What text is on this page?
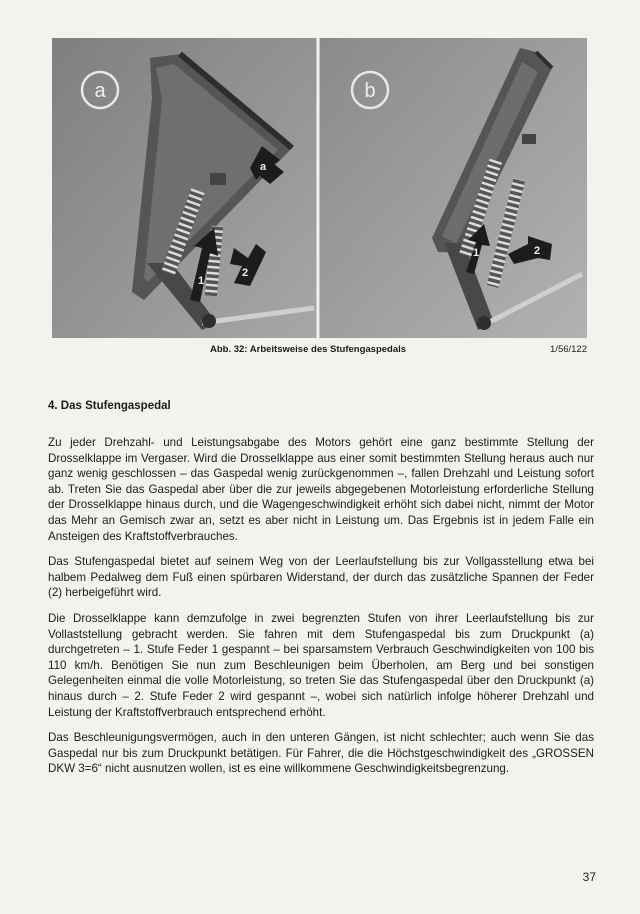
a
1
2
a
b
1	2
Abb. 32: Arbeitsweise des Stufengaspedals	1/56/122
4. Das Stufengaspedal

Zu jeder Drehzahl- und Leistungsabgabe des Motors gehört eine ganz bestimmte Stellung der Drosselklappe im Vergaser. Wird die Drosselklappe aus einer somit bestimmten Stellung heraus auch nur ganz wenig geschlossen – das Gaspedal wenig zurückgenommen –, fallen Drehzahl und Leistung sofort ab. Treten Sie das Gaspedal aber über die zur jeweils abgegebenen Motorleistung erforderliche Stellung der Drosselklappe hinaus durch, und die Wagengeschwindigkeit erhöht sich dabei nicht, nimmt der Motor das Mehr an Gemisch zwar an, setzt es aber nicht in Leistung um. Das Ergebnis ist in jedem Falle ein Ansteigen des Kraftstoffverbrauches.

Das Stufengaspedal bietet auf seinem Weg von der Leerlaufstellung bis zur Vollgasstellung etwa bei halbem Pedalweg dem Fuß einen spürbaren Widerstand, der durch das zusätzliche Spannen der Feder (2) herbeigeführt wird.

Die Drosselklappe kann demzufolge in zwei begrenzten Stufen von ihrer Leerlaufstellung bis zur Vollaststellung gebracht werden. Sie fahren mit dem Stufengaspedal bis zum Druckpunkt (a) durchgetreten – 1. Stufe Feder 1 gespannt – bei sparsamstem Verbrauch Geschwindigkeiten von 100 bis 110 km/h. Benötigen Sie nun zum Beschleunigen beim Überholen, am Berg und bei sonstigen Gelegenheiten einmal die volle Motorleistung, so treten Sie das Stufengaspedal über den Druckpunkt (a) hinaus durch – 2. Stufe Feder 2 wird gespannt –, wobei sich natürlich infolge höherer Drehzahl und Leistung der Kraftstoffverbrauch entsprechend erhöht.

Das Beschleunigungsvermögen, auch in den unteren Gängen, ist nicht schlechter; auch wenn Sie das Gaspedal nur bis zum Druckpunkt betätigen. Für Fahrer, die die Höchstgeschwindigkeit des „GROSSEN DKW 3=6“ nicht ausnutzen wollen, ist es eine willkommene Geschwindigkeitsbegrenzung.

37
